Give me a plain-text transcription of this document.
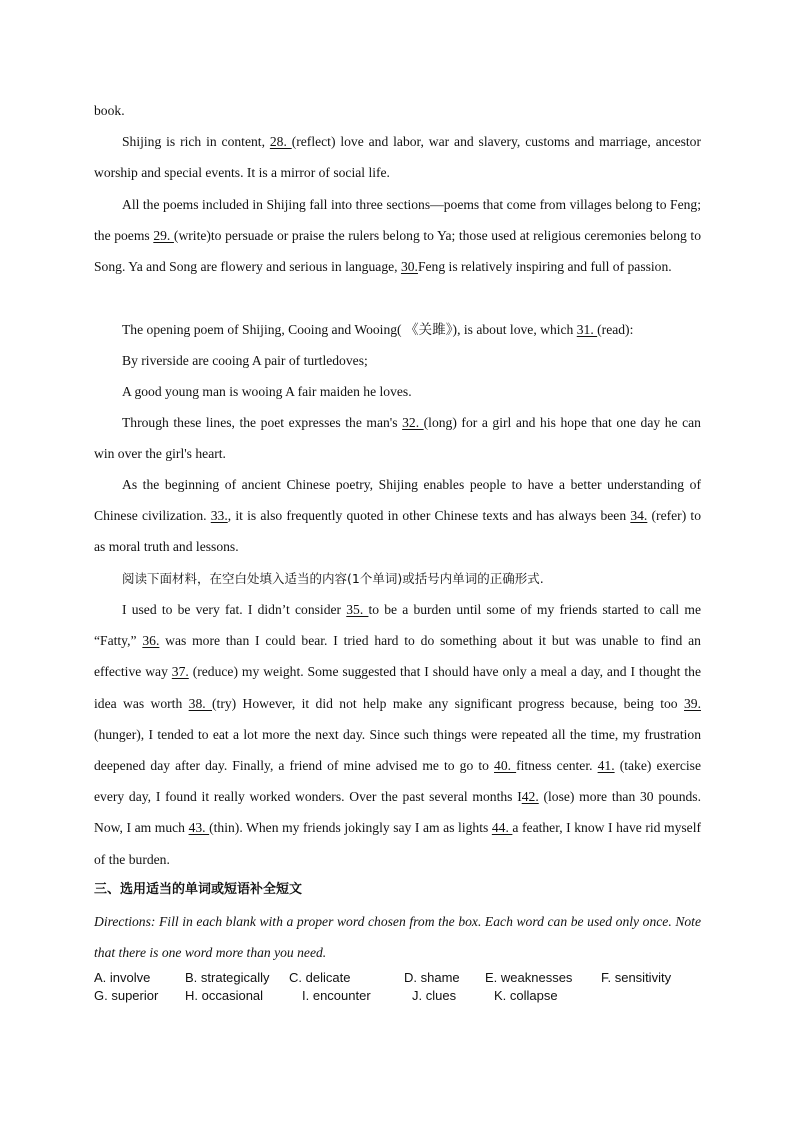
book.

Shijing is rich in content, 28. (reflect) love and labor, war and slavery, customs and marriage, ancestor worship and special events. It is a mirror of social life.

All the poems included in Shijing fall into three sections—poems that come from villages belong to Feng; the poems 29. (write)to persuade or praise the rulers belong to Ya; those used at religious ceremonies belong to Song. Ya and Song are flowery and serious in language, 30.Feng is relatively inspiring and full of passion.

The opening poem of Shijing, Cooing and Wooing( 《关雎》), is about love, which 31. (read):

By riverside are cooing A pair of turtledoves;

A good young man is wooing A fair maiden he loves.

Through these lines, the poet expresses the man's 32. (long) for a girl and his hope that one day he can win over the girl's heart.

As the beginning of ancient Chinese poetry, Shijing enables people to have a better understanding of Chinese civilization. 33., it is also frequently quoted in other Chinese texts and has always been 34. (refer) to as moral truth and lessons.

阅读下面材料，在空白处填入适当的内容(1个单词)或括号内单词的正确形式.

I used to be very fat. I didn’t consider 35. to be a burden until some of my friends started to call me “Fatty,” 36. was more than I could bear. I tried hard to do something about it but was unable to find an effective way 37. (reduce) my weight. Some suggested that I should have only a meal a day, and I thought the idea was worth 38. (try) However, it did not help make any significant progress because, being too 39. (hunger), I tended to eat a lot more the next day. Since such things were repeated all the time, my frustration deepened day after day. Finally, a friend of mine advised me to go to 40. fitness center. 41. (take) exercise every day, I found it really worked wonders. Over the past several months I42. (lose) more than 30 pounds. Now, I am much 43. (thin). When my friends jokingly say I am as lights 44. a feather, I know I have rid myself of the burden.

三、选用适当的单词或短语补全短文

Directions: Fill in each blank with a proper word chosen from the box. Each word can be used only once. Note that there is one word more than you need.

A. involve	B. strategically C. delicate	D. shame E. weaknesses F. sensitivity
G. superior H. occasional	I. encounter	J. clues	K. collapse
